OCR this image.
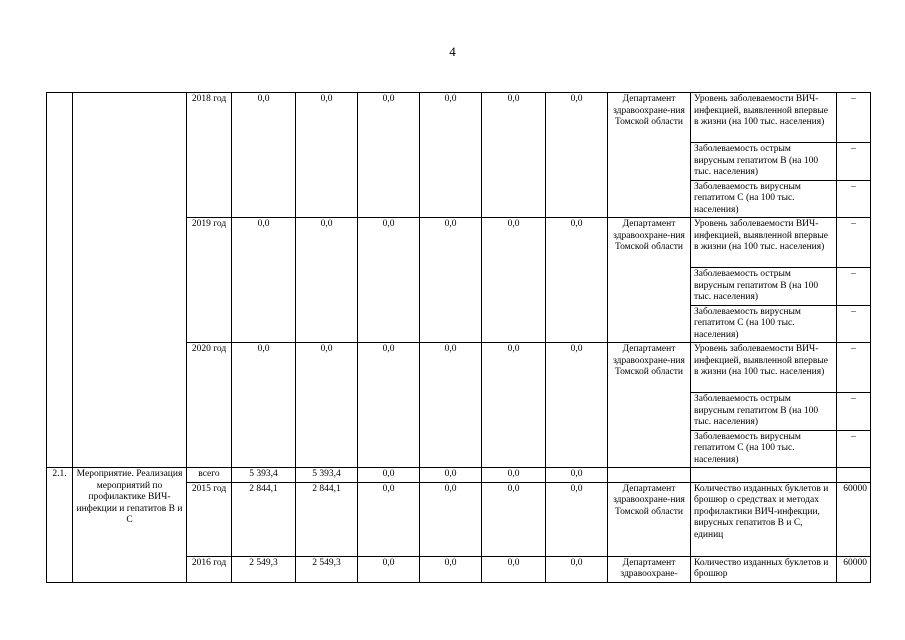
4
		2018 год	0,0	0,0	0,0	0,0	0,0	0,0	Департамент здравоохране-ния Томской области	Уровень заболеваемости ВИЧ-инфекцией, выявленной впервые в жизни (на 100 тыс. населения)	–
										Заболеваемость острым вирусным гепатитом В (на 100 тыс. населения)	–
										Заболеваемость вирусным гепатитом С (на 100 тыс. населения)	–
		2019 год	0,0	0,0	0,0	0,0	0,0	0,0	Департамент здравоохране-ния Томской области	Уровень заболеваемости ВИЧ-инфекцией, выявленной впервые в жизни (на 100 тыс. населения)	–
										Заболеваемость острым вирусным гепатитом В (на 100 тыс. населения)	–
										Заболеваемость вирусным гепатитом С (на 100 тыс. населения)	–
		2020 год	0,0	0,0	0,0	0,0	0,0	0,0	Департамент здравоохране-ния Томской области	Уровень заболеваемости ВИЧ-инфекцией, выявленной впервые в жизни (на 100 тыс. населения)	–
										Заболеваемость острым вирусным гепатитом В (на 100 тыс. населения)	–
										Заболеваемость вирусным гепатитом С (на 100 тыс. населения)	–
2.1.	Мероприятие. Реализация мероприятий по профилактике ВИЧ-инфекции и гепатитов В и С	всего	5 393,4	5 393,4	0,0	0,0	0,0	0,0			
		2015 год	2 844,1	2 844,1	0,0	0,0	0,0	0,0	Департамент здравоохране-ния Томской области	Количество изданных буклетов и брошюр о средствах и методах профилактики ВИЧ-инфекции, вирусных гепатитов В и С, единиц	60000
		2016 год	2 549,3	2 549,3	0,0	0,0	0,0	0,0	Департамент здравоохране-	Количество изданных буклетов и брошюр	60000
